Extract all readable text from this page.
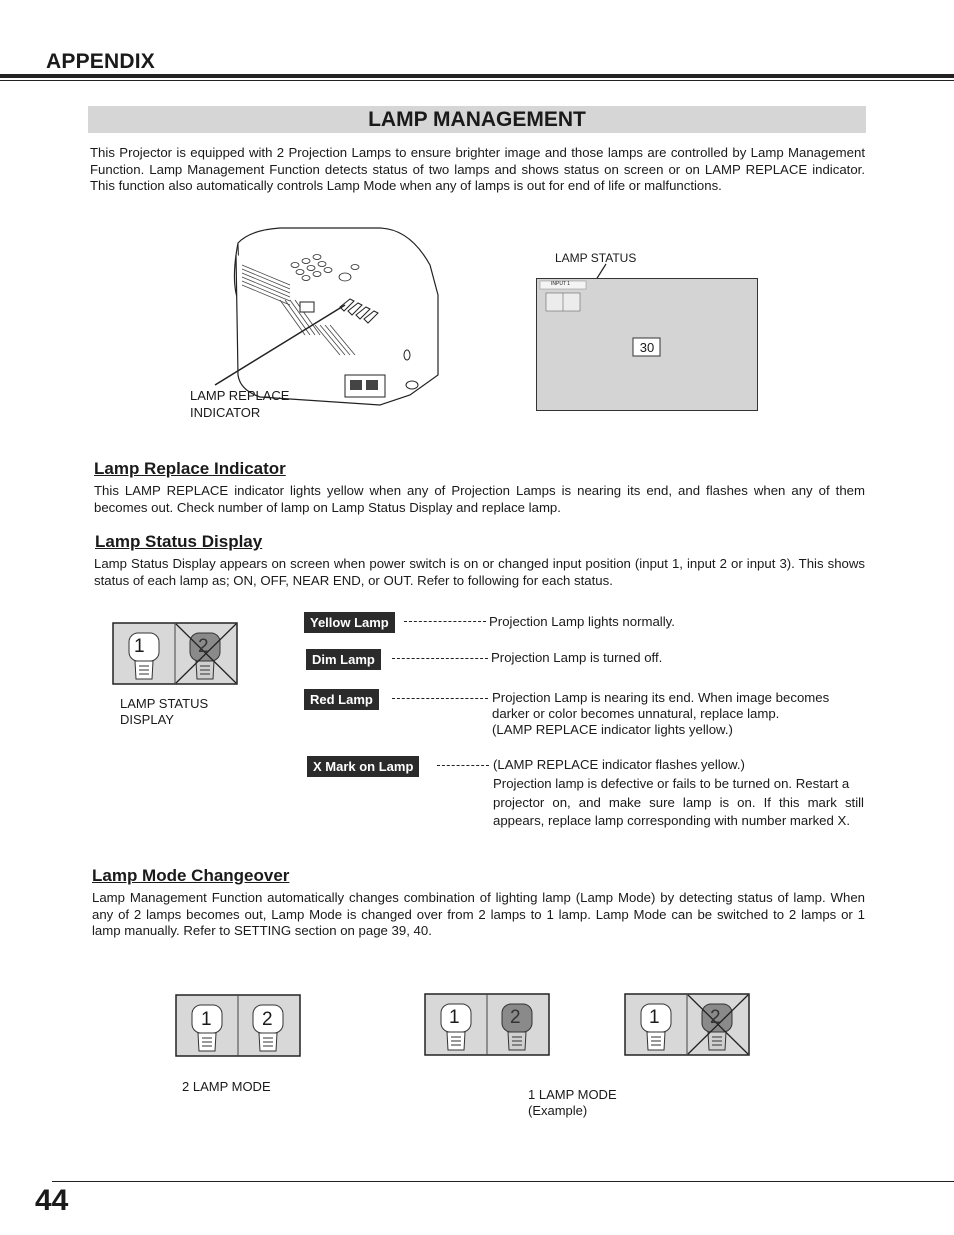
APPENDIX
LAMP MANAGEMENT
This Projector is equipped with 2 Projection Lamps to ensure brighter image and those lamps are controlled by Lamp Management Function. Lamp Management Function detects status of two lamps and shows status on screen or on LAMP REPLACE indicator. This function also automatically controls Lamp Mode when any of lamps is out for end of life or malfunctions.
LAMP REPLACE
INDICATOR
LAMP STATUS
INPUT 1
30
Lamp Replace Indicator
This LAMP REPLACE indicator lights yellow when any of Projection Lamps is nearing its end, and flashes when any of them becomes out. Check number of lamp on Lamp Status Display and replace lamp.
Lamp Status Display
Lamp Status Display appears on screen when power switch is on or changed input position (input 1, input 2 or input 3). This shows status of each lamp as; ON, OFF, NEAR END, or OUT. Refer to following for each status.
1	2
LAMP STATUS
DISPLAY
Yellow Lamp	Projection Lamp lights normally.
Dim Lamp	Projection Lamp is turned off.
Red Lamp	Projection Lamp is nearing its end. When image becomes
darker or color becomes unnatural, replace lamp.
(LAMP REPLACE indicator lights yellow.)
X Mark on Lamp	(LAMP REPLACE indicator flashes yellow.)
Projection lamp is defective or fails to be turned on. Restart a
projector on, and make sure lamp is on. If this mark still
appears, replace lamp corresponding with number marked X.
Lamp Mode Changeover
Lamp Management Function automatically changes combination of lighting lamp (Lamp Mode) by detecting status of lamp. When any of 2 lamps becomes out, Lamp Mode is changed over from 2 lamps to 1 lamp. Lamp Mode can be switched to 2 lamps or 1 lamp manually. Refer to SETTING section on page 39, 40.
1	2
2 LAMP MODE
1	2	1	2
1 LAMP MODE
(Example)
44
